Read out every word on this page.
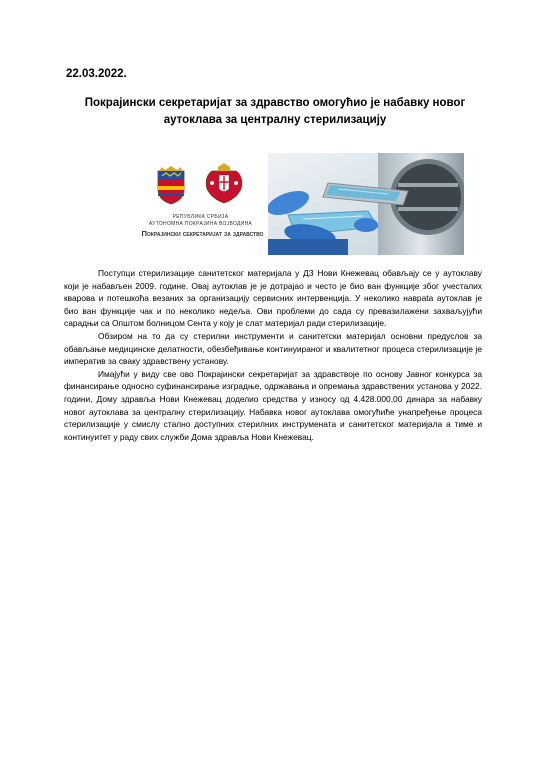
22.03.2022.
Покрајински секретаријат за здравство омогућио је набавку новог аутоклава за централну стерилизацију
РЕПУБЛИКА СРБИЈА
АУТОНОМНА ПОКРАЈИНА ВОЈВОДИНА
Покрајински секретаријат за здравство

Поступци стерилизације санитетског материјала у ДЗ Нови Кнежевац обављају се у аутоклаву који је набављен 2009. године. Овај аутоклав је је дотрајао и често је био ван функције због учесталих кварова и потешкоћа везаних за организацију сервисних интервенција. У неколико навраta аутоклав је био ван функције чак и по неколико недеља. Ови проблеми до сада су превазилажени захваљујући сарадњи са Општом болницом Сента у коју је слат материјал ради стерилизације.

Обзиром на то да су стерилни инструменти и санитетски материјал основни предуслов за обављање медицинске делатности, обезбеђивање континуираног и квалитетног процеса стерилизације је императив за сваку здравствену установу.

Имајући у виду све ово Покрајински секретаријат за здравствоје по основу Јавног конкурса за финансирање односно суфинансирање изградње, одржавања и опремања здравствених установа у 2022. години, Дому здравља Нови Кнежевац доделио средства у износу од 4.428.000,00 динара за набавку новог аутоклава за централну стерилизацију. Набавка новог аутоклава омогућиће унапређење процеса стерилизације у смислу стално доступних стерилних инструмената и санитетског материјала а тиме и континуитет у раду свих служби Дома здравља Нови Кнежевац.
